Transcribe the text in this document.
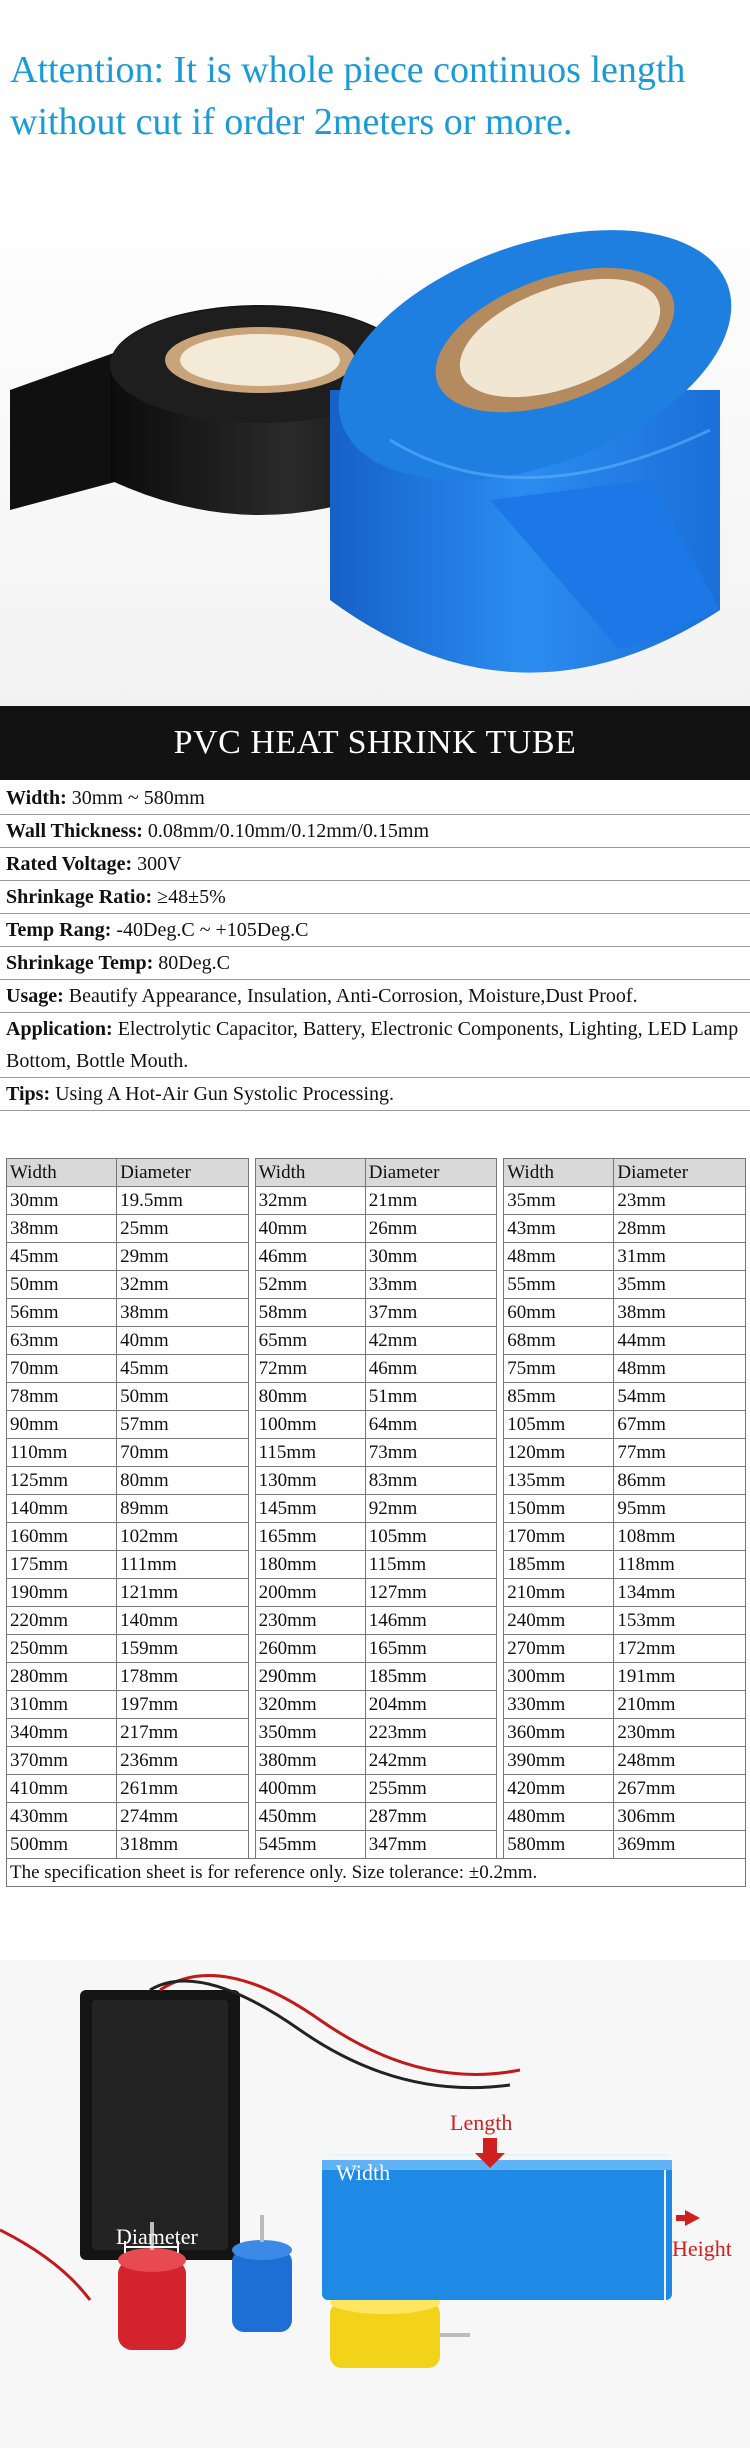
Attention: It is whole piece continuos length without cut if order 2meters or more.
PVC HEAT SHRINK TUBE
Width: 30mm ~ 580mm
Wall Thickness: 0.08mm/0.10mm/0.12mm/0.15mm
Rated Voltage: 300V
Shrinkage Ratio: ≥48±5%
Temp Rang: -40Deg.C ~ +105Deg.C
Shrinkage Temp: 80Deg.C
Usage: Beautify Appearance, Insulation, Anti-Corrosion, Moisture,Dust Proof.
Application: Electrolytic Capacitor, Battery, Electronic Components, Lighting, LED Lamp Bottom, Bottle Mouth.
Tips: Using A Hot-Air Gun Systolic Processing.
Width	Diameter		Width	Diameter		Width	Diameter
30mm	19.5mm		32mm	21mm		35mm	23mm
38mm	25mm		40mm	26mm		43mm	28mm
45mm	29mm		46mm	30mm		48mm	31mm
50mm	32mm		52mm	33mm		55mm	35mm
56mm	38mm		58mm	37mm		60mm	38mm
63mm	40mm		65mm	42mm		68mm	44mm
70mm	45mm		72mm	46mm		75mm	48mm
78mm	50mm		80mm	51mm		85mm	54mm
90mm	57mm		100mm	64mm		105mm	67mm
110mm	70mm		115mm	73mm		120mm	77mm
125mm	80mm		130mm	83mm		135mm	86mm
140mm	89mm		145mm	92mm		150mm	95mm
160mm	102mm		165mm	105mm		170mm	108mm
175mm	111mm		180mm	115mm		185mm	118mm
190mm	121mm		200mm	127mm		210mm	134mm
220mm	140mm		230mm	146mm		240mm	153mm
250mm	159mm		260mm	165mm		270mm	172mm
280mm	178mm		290mm	185mm		300mm	191mm
310mm	197mm		320mm	204mm		330mm	210mm
340mm	217mm		350mm	223mm		360mm	230mm
370mm	236mm		380mm	242mm		390mm	248mm
410mm	261mm		400mm	255mm		420mm	267mm
430mm	274mm		450mm	287mm		480mm	306mm
500mm	318mm		545mm	347mm		580mm	369mm
The specification sheet is for reference only. Size tolerance: ±0.2mm.							
Diameter
Length
Width
Height
